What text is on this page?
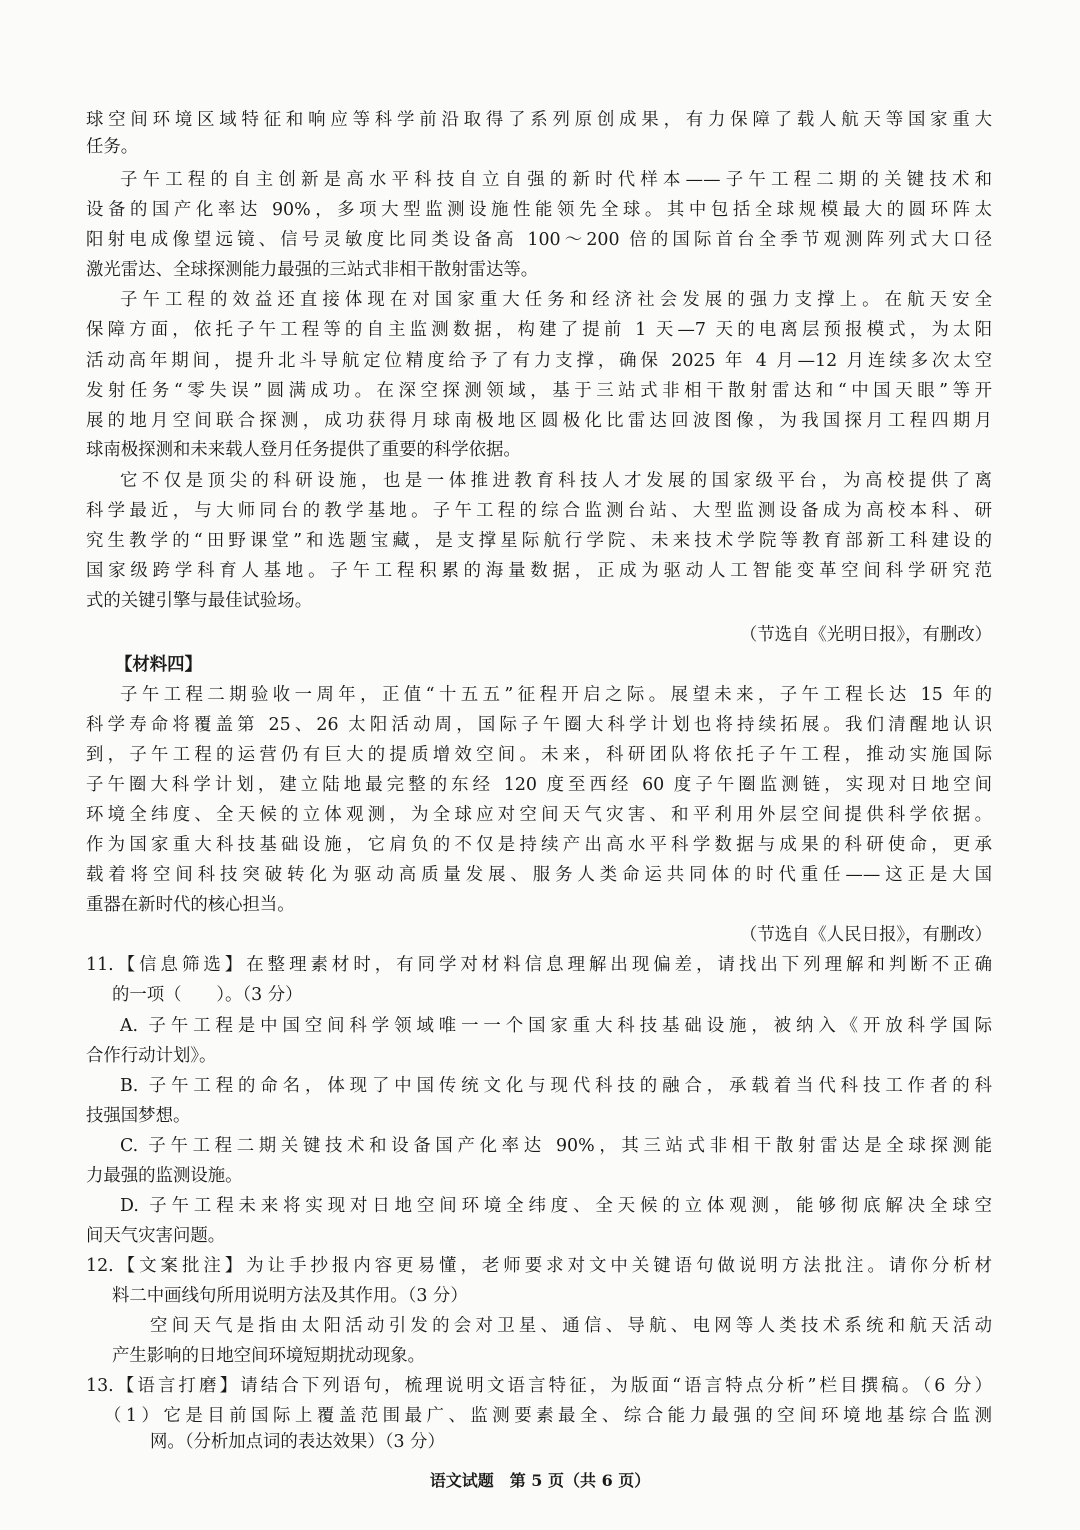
球空间环境区域特征和响应等科学前沿取得了系列原创成果，有力保障了载人航天等国家重大
任务。
子午工程的自主创新是高水平科技自立自强的新时代样本——子午工程二期的关键技术和
设备的国产化率达 90%，多项大型监测设施性能领先全球。其中包括全球规模最大的圆环阵太
阳射电成像望远镜、信号灵敏度比同类设备高 100～200 倍的国际首台全季节观测阵列式大口径
激光雷达、全球探测能力最强的三站式非相干散射雷达等。
子午工程的效益还直接体现在对国家重大任务和经济社会发展的强力支撑上。在航天安全
保障方面，依托子午工程等的自主监测数据，构建了提前 1 天—7 天的电离层预报模式，为太阳
活动高年期间，提升北斗导航定位精度给予了有力支撑，确保 2025 年 4 月—12 月连续多次太空
发射任务“零失误”圆满成功。在深空探测领域，基于三站式非相干散射雷达和“中国天眼”等开
展的地月空间联合探测，成功获得月球南极地区圆极化比雷达回波图像，为我国探月工程四期月
球南极探测和未来载人登月任务提供了重要的科学依据。
它不仅是顶尖的科研设施，也是一体推进教育科技人才发展的国家级平台，为高校提供了离
科学最近，与大师同台的教学基地。子午工程的综合监测台站、大型监测设备成为高校本科、研
究生教学的“田野课堂”和选题宝藏，是支撑星际航行学院、未来技术学院等教育部新工科建设的
国家级跨学科育人基地。子午工程积累的海量数据，正成为驱动人工智能变革空间科学研究范
式的关键引擎与最佳试验场。
（节选自《光明日报》，有删改）
【材料四】
子午工程二期验收一周年，正值“十五五”征程开启之际。展望未来，子午工程长达 15 年的
科学寿命将覆盖第 25、26 太阳活动周，国际子午圈大科学计划也将持续拓展。我们清醒地认识
到，子午工程的运营仍有巨大的提质增效空间。未来，科研团队将依托子午工程，推动实施国际
子午圈大科学计划，建立陆地最完整的东经 120 度至西经 60 度子午圈监测链，实现对日地空间
环境全纬度、全天候的立体观测，为全球应对空间天气灾害、和平利用外层空间提供科学依据。
作为国家重大科技基础设施，它肩负的不仅是持续产出高水平科学数据与成果的科研使命，更承
载着将空间科技突破转化为驱动高质量发展、服务人类命运共同体的时代重任——这正是大国
重器在新时代的核心担当。
（节选自《人民日报》，有删改）
11.【信息筛选】在整理素材时，有同学对材料信息理解出现偏差，请找出下列理解和判断不正确
的一项（　　）。（3 分）
A. 子午工程是中国空间科学领域唯一一个国家重大科技基础设施，被纳入《开放科学国际
合作行动计划》。
B. 子午工程的命名，体现了中国传统文化与现代科技的融合，承载着当代科技工作者的科
技强国梦想。
C. 子午工程二期关键技术和设备国产化率达 90%，其三站式非相干散射雷达是全球探测能
力最强的监测设施。
D. 子午工程未来将实现对日地空间环境全纬度、全天候的立体观测，能够彻底解决全球空
间天气灾害问题。
12.【文案批注】为让手抄报内容更易懂，老师要求对文中关键语句做说明方法批注。请你分析材
料二中画线句所用说明方法及其作用。（3 分）
空间天气是指由太阳活动引发的会对卫星、通信、导航、电网等人类技术系统和航天活动
产生影响的日地空间环境短期扰动现象。
13.【语言打磨】请结合下列语句，梳理说明文语言特征，为版面“语言特点分析”栏目撰稿。（6 分）
（1）它是目前国际上覆盖范围最广、监测要素最全、综合能力最强的空间环境地基综合监测
语文试题　第 5 页（共 6 页）
网。（分析加点词的表达效果）（3 分）
